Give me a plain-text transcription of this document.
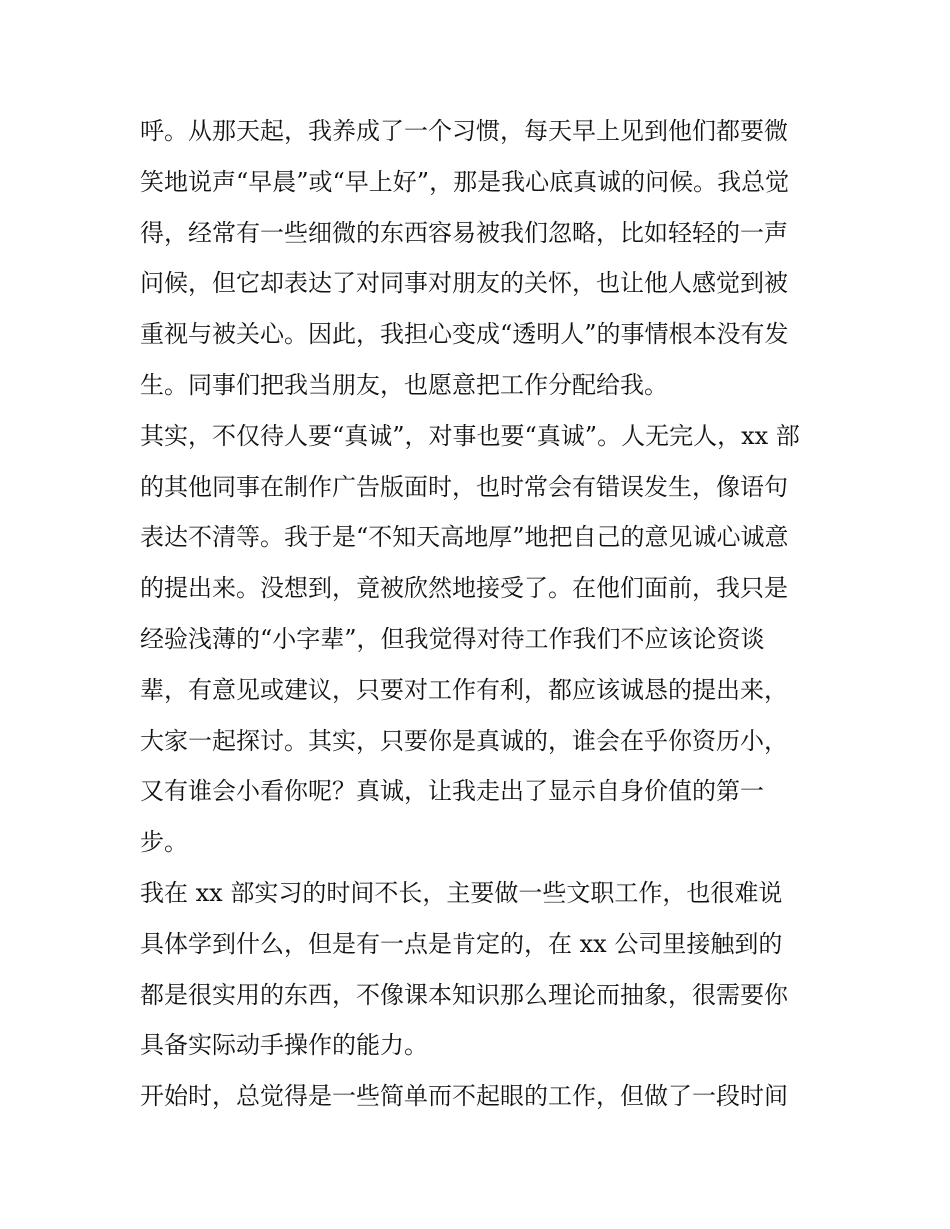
呼。从那天起，我养成了一个习惯，每天早上见到他们都要微
笑地说声“早晨”或“早上好”，那是我心底真诚的问候。我总觉
得，经常有一些细微的东西容易被我们忽略，比如轻轻的一声
问候，但它却表达了对同事对朋友的关怀，也让他人感觉到被
重视与被关心。因此，我担心变成“透明人”的事情根本没有发
生。同事们把我当朋友，也愿意把工作分配给我。
其实，不仅待人要“真诚”，对事也要“真诚”。人无完人，xx 部
的其他同事在制作广告版面时，也时常会有错误发生，像语句
表达不清等。我于是“不知天高地厚”地把自己的意见诚心诚意
的提出来。没想到，竟被欣然地接受了。在他们面前，我只是
经验浅薄的“小字辈”，但我觉得对待工作我们不应该论资谈
辈，有意见或建议，只要对工作有利，都应该诚恳的提出来，
大家一起探讨。其实，只要你是真诚的，谁会在乎你资历小，
又有谁会小看你呢？真诚，让我走出了显示自身价值的第一
步。
我在 xx 部实习的时间不长，主要做一些文职工作，也很难说
具体学到什么，但是有一点是肯定的，在 xx 公司里接触到的
都是很实用的东西，不像课本知识那么理论而抽象，很需要你
具备实际动手操作的能力。
开始时，总觉得是一些简单而不起眼的工作，但做了一段时间
